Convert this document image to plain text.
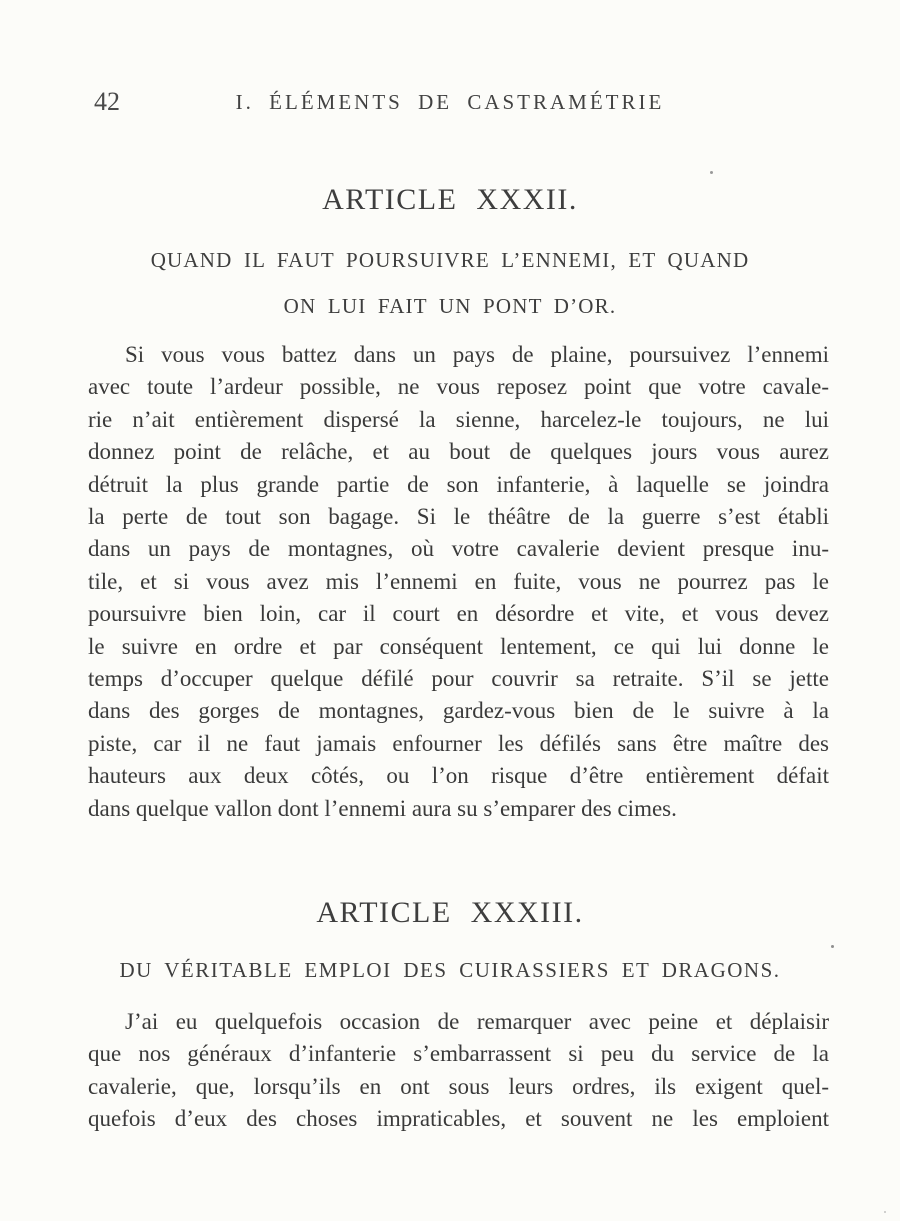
42	I. ÉLÉMENTS DE CASTRAMÉTRIE
ARTICLE XXXII.
QUAND IL FAUT POURSUIVRE L’ENNEMI, ET QUAND
ON LUI FAIT UN PONT D’OR.
Si vous vous battez dans un pays de plaine, poursuivez l’ennemi
avec toute l’ardeur possible, ne vous reposez point que votre cavale-
rie n’ait entièrement dispersé la sienne, harcelez-le toujours, ne lui
donnez point de relâche, et au bout de quelques jours vous aurez
détruit la plus grande partie de son infanterie, à laquelle se joindra
la perte de tout son bagage. Si le théâtre de la guerre s’est établi
dans un pays de montagnes, où votre cavalerie devient presque inu-
tile, et si vous avez mis l’ennemi en fuite, vous ne pourrez pas le
poursuivre bien loin, car il court en désordre et vite, et vous devez
le suivre en ordre et par conséquent lentement, ce qui lui donne le
temps d’occuper quelque défilé pour couvrir sa retraite. S’il se jette
dans des gorges de montagnes, gardez-vous bien de le suivre à la
piste, car il ne faut jamais enfourner les défilés sans être maître des
hauteurs aux deux côtés, ou l’on risque d’être entièrement défait
dans quelque vallon dont l’ennemi aura su s’emparer des cimes.
ARTICLE XXXIII.
DU VÉRITABLE EMPLOI DES CUIRASSIERS ET DRAGONS.
J’ai eu quelquefois occasion de remarquer avec peine et déplaisir
que nos généraux d’infanterie s’embarrassent si peu du service de la
cavalerie, que, lorsqu’ils en ont sous leurs ordres, ils exigent quel-
quefois d’eux des choses impraticables, et souvent ne les emploient
